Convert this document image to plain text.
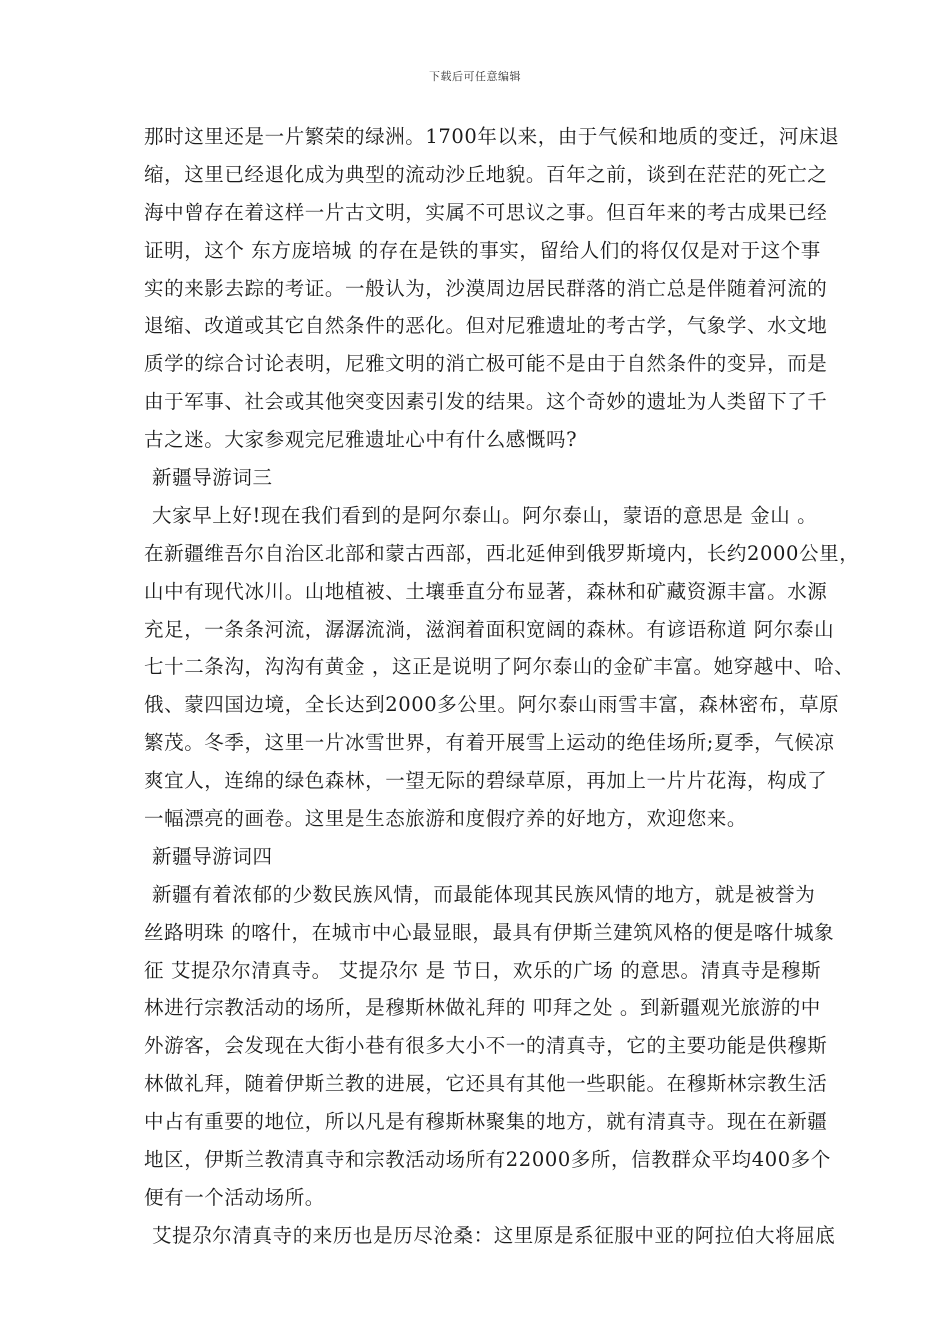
下载后可任意编辑
那时这里还是一片繁荣的绿洲。1700年以来，由于气候和地质的变迁，河床退
缩，这里已经退化成为典型的流动沙丘地貌。百年之前，谈到在茫茫的死亡之
海中曾存在着这样一片古文明，实属不可思议之事。但百年来的考古成果已经
证明，这个 东方庞培城 的存在是铁的事实，留给人们的将仅仅是对于这个事
实的来影去踪的考证。一般认为，沙漠周边居民群落的消亡总是伴随着河流的
退缩、改道或其它自然条件的恶化。但对尼雅遗址的考古学，气象学、水文地
质学的综合讨论表明，尼雅文明的消亡极可能不是由于自然条件的变异，而是
由于军事、社会或其他突变因素引发的结果。这个奇妙的遗址为人类留下了千
古之迷。大家参观完尼雅遗址心中有什么感慨吗?
新疆导游词三
大家早上好!现在我们看到的是阿尔泰山。阿尔泰山，蒙语的意思是 金山 。
在新疆维吾尔自治区北部和蒙古西部，西北延伸到俄罗斯境内，长约2000公里，
山中有现代冰川。山地植被、土壤垂直分布显著，森林和矿藏资源丰富。水源
充足，一条条河流，潺潺流淌，滋润着面积宽阔的森林。有谚语称道 阿尔泰山
七十二条沟，沟沟有黄金 ，这正是说明了阿尔泰山的金矿丰富。她穿越中、哈、
俄、蒙四国边境，全长达到2000多公里。阿尔泰山雨雪丰富，森林密布，草原
繁茂。冬季，这里一片冰雪世界，有着开展雪上运动的绝佳场所;夏季，气候凉
爽宜人，连绵的绿色森林，一望无际的碧绿草原，再加上一片片花海，构成了
一幅漂亮的画卷。这里是生态旅游和度假疗养的好地方，欢迎您来。
新疆导游词四
新疆有着浓郁的少数民族风情，而最能体现其民族风情的地方，就是被誉为
丝路明珠 的喀什，在城市中心最显眼，最具有伊斯兰建筑风格的便是喀什城象
征 艾提尕尔清真寺。 艾提尕尔 是 节日，欢乐的广场 的意思。清真寺是穆斯
林进行宗教活动的场所，是穆斯林做礼拜的 叩拜之处 。到新疆观光旅游的中
外游客，会发现在大街小巷有很多大小不一的清真寺，它的主要功能是供穆斯
林做礼拜，随着伊斯兰教的进展，它还具有其他一些职能。在穆斯林宗教生活
中占有重要的地位，所以凡是有穆斯林聚集的地方，就有清真寺。现在在新疆
地区，伊斯兰教清真寺和宗教活动场所有22000多所，信教群众平均400多个
便有一个活动场所。
艾提尕尔清真寺的来历也是历尽沧桑：这里原是系征服中亚的阿拉伯大将屈底
